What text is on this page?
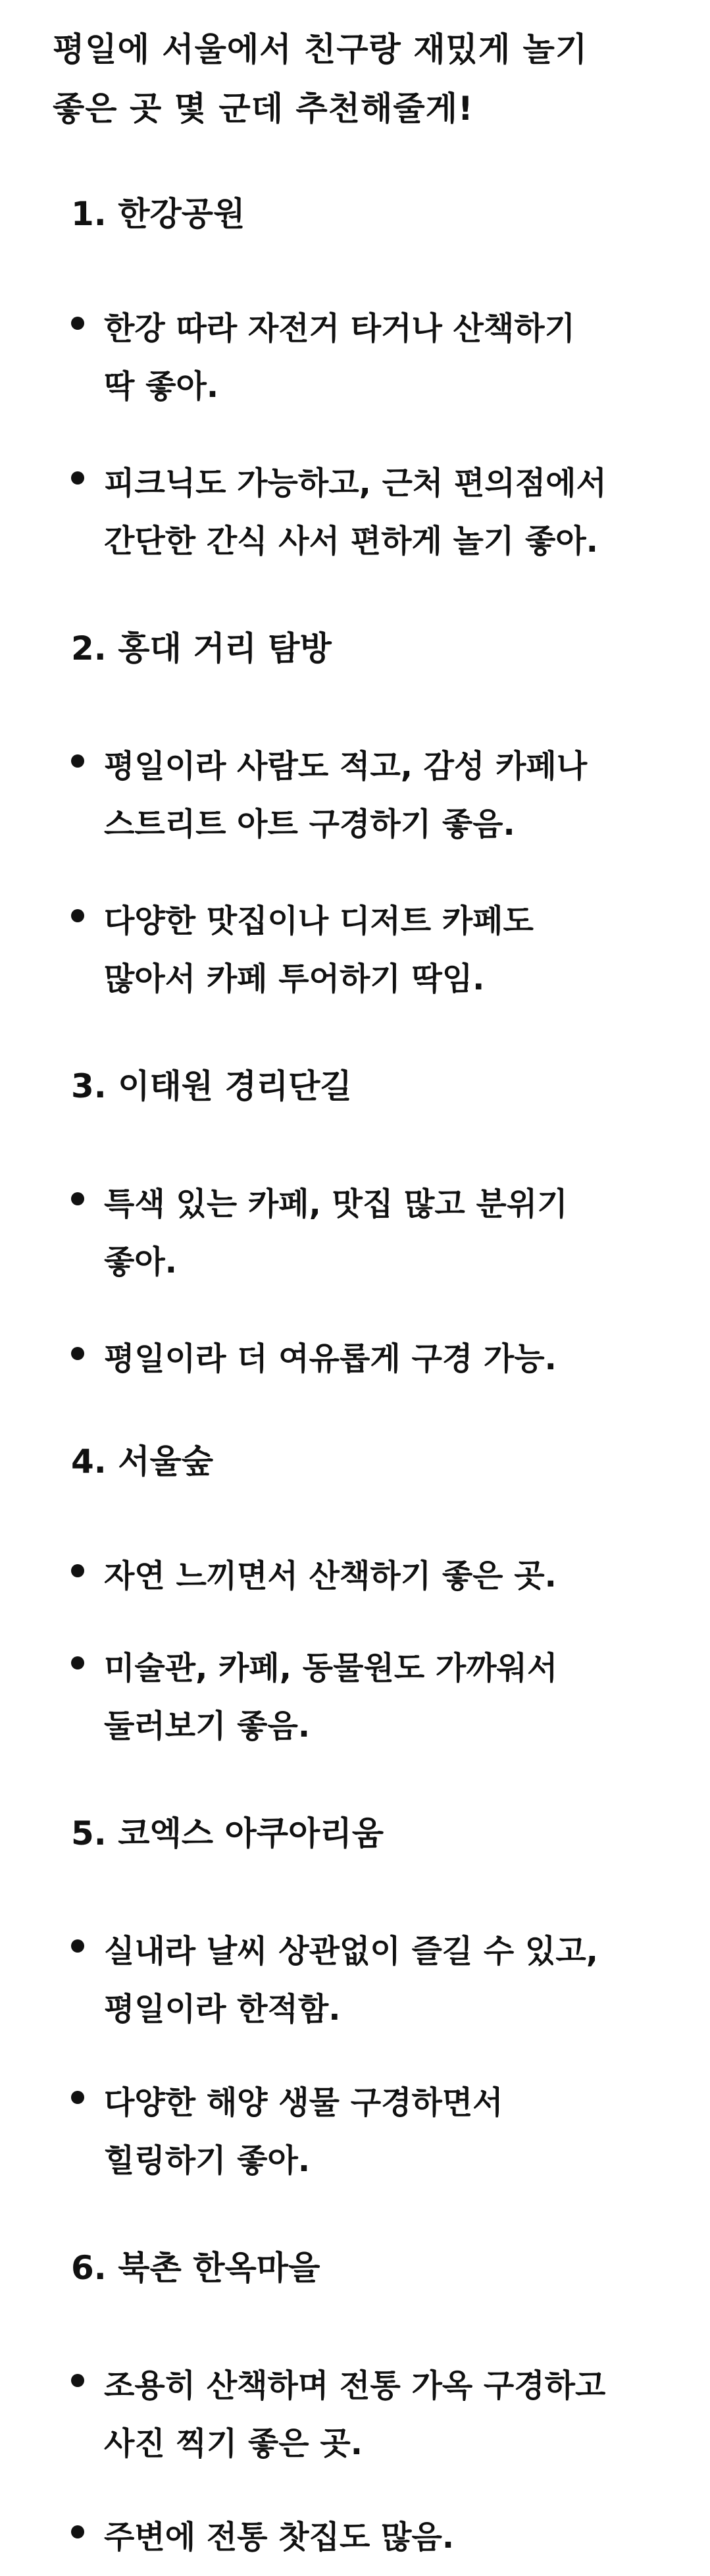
평일에 서울에서 친구랑 재밌게 놀기
좋은 곳 몇 군데 추천해줄게!
1. 한강공원
한강 따라 자전거 타거나 산책하기
딱 좋아.
피크닉도 가능하고, 근처 편의점에서
간단한 간식 사서 편하게 놀기 좋아.
2. 홍대 거리 탐방
평일이라 사람도 적고, 감성 카페나
스트리트 아트 구경하기 좋음.
다양한 맛집이나 디저트 카페도
많아서 카페 투어하기 딱임.
3. 이태원 경리단길
특색 있는 카페, 맛집 많고 분위기
좋아.
평일이라 더 여유롭게 구경 가능.
4. 서울숲
자연 느끼면서 산책하기 좋은 곳.
미술관, 카페, 동물원도 가까워서
둘러보기 좋음.
5. 코엑스 아쿠아리움
실내라 날씨 상관없이 즐길 수 있고,
평일이라 한적함.
다양한 해양 생물 구경하면서
힐링하기 좋아.
6. 북촌 한옥마을
조용히 산책하며 전통 가옥 구경하고
사진 찍기 좋은 곳.
주변에 전통 찻집도 많음.
